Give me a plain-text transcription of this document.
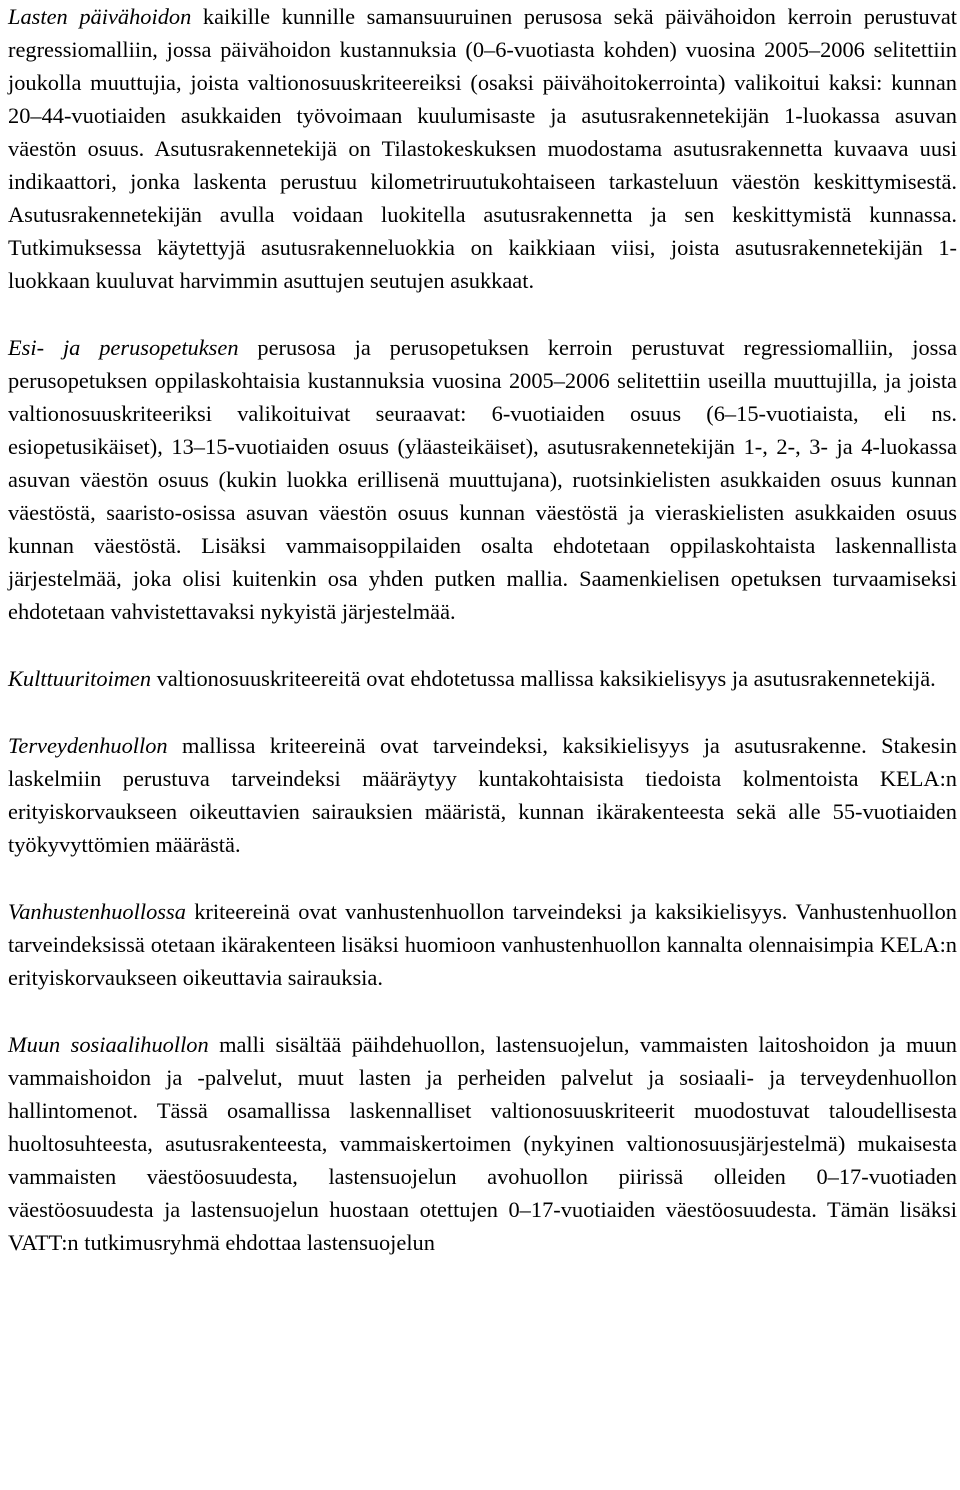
Lasten päivähoidon kaikille kunnille samansuuruinen perusosa sekä päivähoidon kerroin perustuvat regressiomalliin, jossa päivähoidon kustannuksia (0–6-vuotiasta kohden) vuosina 2005–2006 selitettiin joukolla muuttujia, joista valtionosuuskriteereiksi (osaksi päivähoitokerrointa) valikoitui kaksi: kunnan 20–44-vuotiaiden asukkaiden työvoimaan kuulumisaste ja asutusrakennetekijän 1-luokassa asuvan väestön osuus. Asutusrakennetekijä on Tilastokeskuksen muodostama asutusrakennetta kuvaava uusi indikaattori, jonka laskenta perustuu kilometriruutukohtaiseen tarkasteluun väestön keskittymisestä. Asutusrakennetekijän avulla voidaan luokitella asutusrakennetta ja sen keskittymistä kunnassa. Tutkimuksessa käytettyjä asutusrakenneluokkia on kaikkiaan viisi, joista asutusrakennetekijän 1-luokkaan kuuluvat harvimmin asuttujen seutujen asukkaat.

Esi- ja perusopetuksen perusosa ja perusopetuksen kerroin perustuvat regressiomalliin, jossa perusopetuksen oppilaskohtaisia kustannuksia vuosina 2005–2006 selitettiin useilla muuttujilla, ja joista valtionosuuskriteeriksi valikoituivat seuraavat: 6-vuotiaiden osuus (6–15-vuotiaista, eli ns. esiopetusikäiset), 13–15-vuotiaiden osuus (yläasteikäiset), asutusrakennetekijän 1-, 2-, 3- ja 4-luokassa asuvan väestön osuus (kukin luokka erillisenä muuttujana), ruotsinkielisten asukkaiden osuus kunnan väestöstä, saaristo-osissa asuvan väestön osuus kunnan väestöstä ja vieraskielisten asukkaiden osuus kunnan väestöstä. Lisäksi vammaisoppilaiden osalta ehdotetaan oppilaskohtaista laskennallista järjestelmää, joka olisi kuitenkin osa yhden putken mallia. Saamenkielisen opetuksen turvaamiseksi ehdotetaan vahvistettavaksi nykyistä järjestelmää.

Kulttuuritoimen valtionosuuskriteereitä ovat ehdotetussa mallissa kaksikielisyys ja asutusrakennetekijä.

Terveydenhuollon mallissa kriteereinä ovat tarveindeksi, kaksikielisyys ja asutusrakenne. Stakesin laskelmiin perustuva tarveindeksi määräytyy kuntakohtaisista tiedoista kolmentoista KELA:n erityiskorvaukseen oikeuttavien sairauksien määristä, kunnan ikärakenteesta sekä alle 55-vuotiaiden työkyvyttömien määrästä.

Vanhustenhuollossa kriteereinä ovat vanhustenhuollon tarveindeksi ja kaksikielisyys. Vanhustenhuollon tarveindeksissä otetaan ikärakenteen lisäksi huomioon vanhustenhuollon kannalta olennaisimpia KELA:n erityiskorvaukseen oikeuttavia sairauksia.

Muun sosiaalihuollon malli sisältää päihdehuollon, lastensuojelun, vammaisten laitoshoidon ja muun vammaishoidon ja -palvelut, muut lasten ja perheiden palvelut ja sosiaali- ja terveydenhuollon hallintomenot. Tässä osamallissa laskennalliset valtionosuuskriteerit muodostuvat taloudellisesta huoltosuhteesta, asutusrakenteesta, vammaiskertoimen (nykyinen valtionosuusjärjestelmä) mukaisesta vammaisten väestöosuudesta, lastensuojelun avohuollon piirissä olleiden 0–17-vuotiaden väestöosuudesta ja lastensuojelun huostaan otettujen 0–17-vuotiaiden väestöosuudesta. Tämän lisäksi VATT:n tutkimusryhmä ehdottaa lastensuojelun
